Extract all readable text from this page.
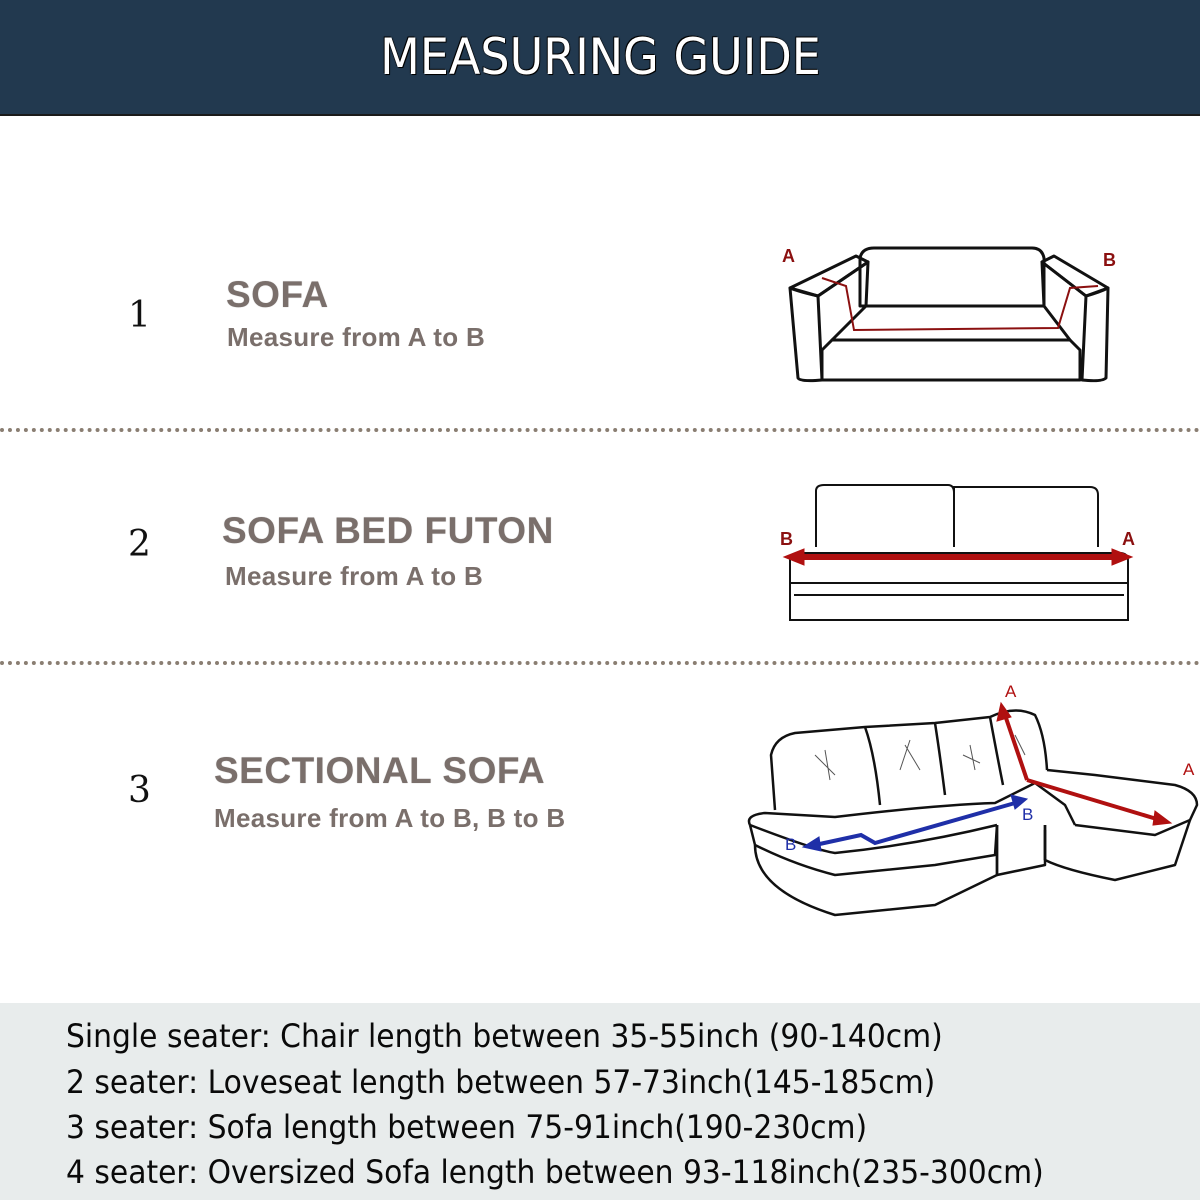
MEASURING GUIDE
1
SOFA
Measure from A to B
A	B
2 SOFA BED FUTON
Measure from A to B
B	A
3 SECTIONAL SOFA
Measure from A to B, B to B
A
A
B
B
Single seater: Chair length between 35-55inch (90-140cm)
2 seater: Loveseat length between 57-73inch(145-185cm)
3 seater: Sofa length between 75-91inch(190-230cm)
4 seater: Oversized Sofa length between 93-118inch(235-300cm)
